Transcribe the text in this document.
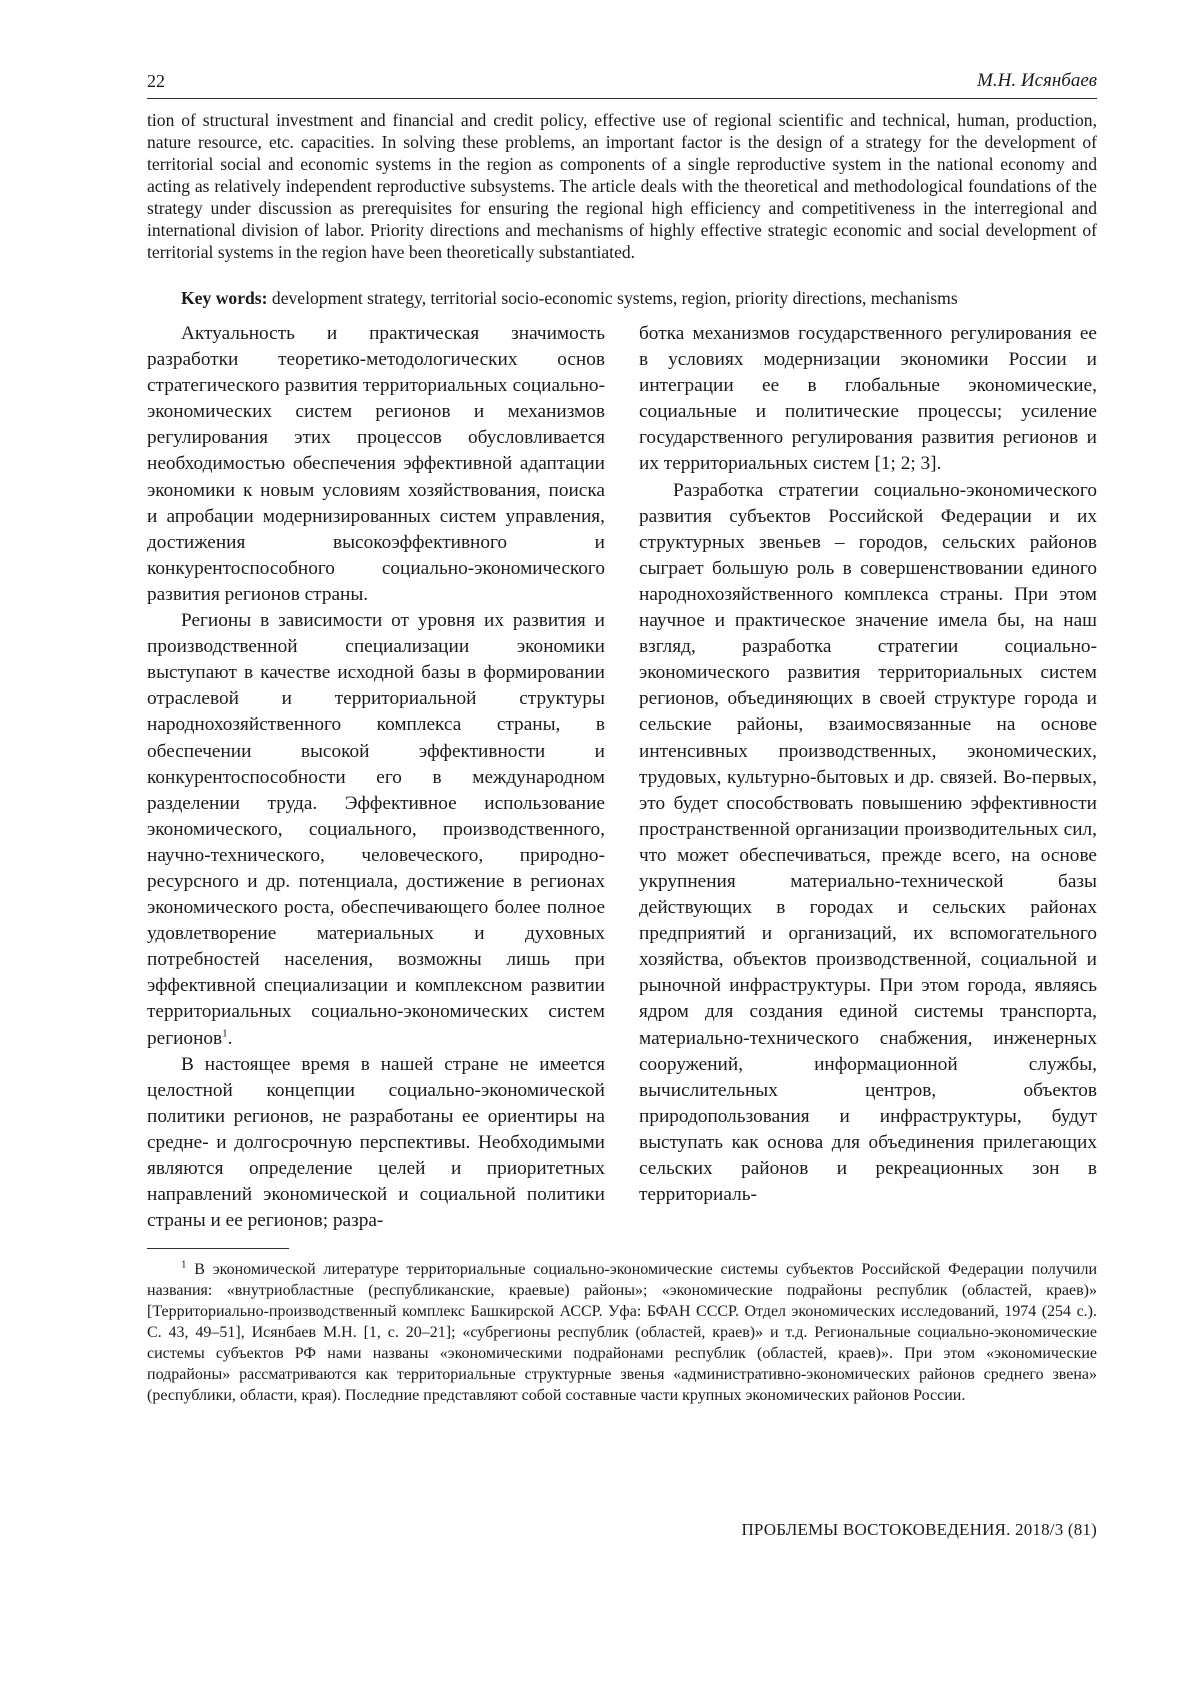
22	М.Н. Исянбаев
tion of structural investment and financial and credit policy, effective use of regional scientific and technical, human, production, nature resource, etc. capacities. In solving these problems, an important factor is the design of a strategy for the development of territorial social and economic systems in the region as components of a single reproductive system in the national economy and acting as relatively independent reproductive subsystems. The article deals with the theoretical and methodological foundations of the strategy under discussion as prerequisites for ensuring the regional high efficiency and competitiveness in the interregional and international division of labor. Priority directions and mechanisms of highly effective strategic economic and social development of territorial systems in the region have been theoretically substantiated.
Key words: development strategy, territorial socio-economic systems, region, priority directions, mechanisms

Актуальность и практическая значимость разработки теоретико-методологических основ стратегического развития территориальных социально-экономических систем регионов и механизмов регулирования этих процессов обусловливается необходимостью обеспечения эффективной адаптации экономики к новым условиям хозяйствования, поиска и апробации модернизированных систем управления, достижения высокоэффективного и конкурентоспособного социально-экономического развития регионов страны.

Регионы в зависимости от уровня их развития и производственной специализации экономики выступают в качестве исходной базы в формировании отраслевой и территориальной структуры народнохозяйственного комплекса страны, в обеспечении высокой эффективности и конкурентоспособности его в международном разделении труда. Эффективное использование экономического, социального, производственного, научно-технического, человеческого, природно-ресурсного и др. потенциала, достижение в регионах экономического роста, обеспечивающего более полное удовлетворение материальных и духовных потребностей населения, возможны лишь при эффективной специализации и комплексном развитии территориальных социально-экономических систем регионов$^1$.

В настоящее время в нашей стране не имеется целостной концепции социально-экономической политики регионов, не разработаны ее ориентиры на средне- и долгосрочную перспективы. Необходимыми являются определение целей и приоритетных направлений экономической и социальной политики страны и ее регионов; разра-

ботка механизмов государственного регулирования ее в условиях модернизации экономики России и интеграции ее в глобальные экономические, социальные и политические процессы; усиление государственного регулирования развития регионов и их территориальных систем [1; 2; 3].

Разработка стратегии социально-экономического развития субъектов Российской Федерации и их структурных звеньев – городов, сельских районов сыграет большую роль в совершенствовании единого народнохозяйственного комплекса страны. При этом научное и практическое значение имела бы, на наш взгляд, разработка стратегии социально-экономического развития территориальных систем регионов, объединяющих в своей структуре города и сельские районы, взаимосвязанные на основе интенсивных производственных, экономических, трудовых, культурно-бытовых и др. связей. Во-первых, это будет способствовать повышению эффективности пространственной организации производительных сил, что может обеспечиваться, прежде всего, на основе укрупнения материально-технической базы действующих в городах и сельских районах предприятий и организаций, их вспомогательного хозяйства, объектов производственной, социальной и рыночной инфраструктуры. При этом города, являясь ядром для создания единой системы транспорта, материально-технического снабжения, инженерных сооружений, информационной службы, вычислительных центров, объектов природопользования и инфраструктуры, будут выступать как основа для объединения прилегающих сельских районов и рекреационных зон в территориаль-

$^1$ В экономической литературе территориальные социально-экономические системы субъектов Российской Федерации получили названия: «внутриобластные (республиканские, краевые) районы»; «экономические подрайоны республик (областей, краев)» [Территориально-производственный комплекс Башкирской АССР. Уфа: БФАН СССР. Отдел экономических исследований, 1974 (254 с.). С. 43, 49–51], Исянбаев М.Н. [1, с. 20–21]; «субрегионы республик (областей, краев)» и т.д. Региональные социально-экономические системы субъектов РФ нами названы «экономическими подрайонами республик (областей, краев)». При этом «экономические подрайоны» рассматриваются как территориальные структурные звенья «административно-экономических районов среднего звена» (республики, области, края). Последние представляют собой составные части крупных экономических районов России.
ПРОБЛЕМЫ ВОСТОКОВЕДЕНИЯ. 2018/3 (81)
